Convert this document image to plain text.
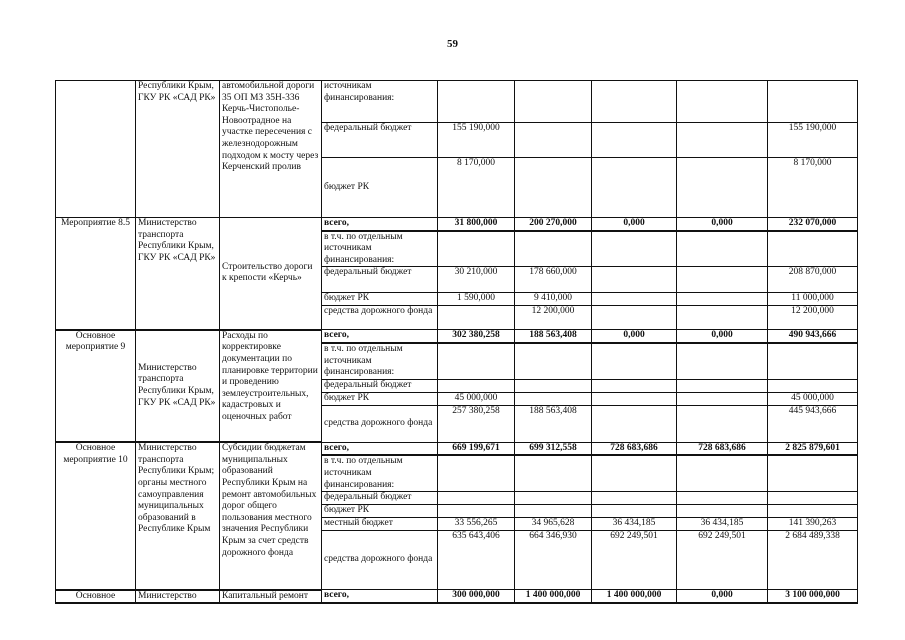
59
	Республики Крым, ГКУ РК «САД РК»	автомобильной дороги 35 ОП МЗ 35Н-336 Керчь-Чистополье-Новоотрадное на участке пересечения с железнодорожным подходом к мосту через Керченский пролив	источникам финансирования:					
			федеральный бюджет	155 190,000				155 190,000
			бюджет РК	8 170,000				8 170,000
Мероприятие 8.5	Министерство транспорта Республики Крым, ГКУ РК «САД РК»	Строительство дороги к крепости «Керчь»	всего,	31 800,000	200 270,000	0,000	0,000	232 070,000
			в т.ч. по отдельным источникам финансирования:					
			федеральный бюджет	30 210,000	178 660,000			208 870,000
			бюджет РК	1 590,000	9 410,000			11 000,000
			средства дорожного фонда		12 200,000			12 200,000
Основное мероприятие 9	Министерство транспорта Республики Крым, ГКУ РК «САД РК»	Расходы по корректировке документации по планировке территории и проведению землеустроительных, кадастровых и оценочных работ	всего,	302 380,258	188 563,408	0,000	0,000	490 943,666
			в т.ч. по отдельным источникам финансирования:					
			федеральный бюджет					
			бюджет РК	45 000,000				45 000,000
			средства дорожного фонда	257 380,258	188 563,408			445 943,666
Основное мероприятие 10	Министерство транспорта Республики Крым; органы местного самоуправления муниципальных образований в Республике Крым	Субсидии бюджетам муниципальных образований Республики Крым на ремонт автомобильных дорог общего пользования местного значения Республики Крым за счет средств дорожного фонда	всего,	669 199,671	699 312,558	728 683,686	728 683,686	2 825 879,601
			в т.ч. по отдельным источникам финансирования:					
			федеральный бюджет					
			бюджет РК					
			местный бюджет	33 556,265	34 965,628	36 434,185	36 434,185	141 390,263
			средства дорожного фонда	635 643,406	664 346,930	692 249,501	692 249,501	2 684 489,338
Основное	Министерство	Капитальный ремонт	всего,	300 000,000	1 400 000,000	1 400 000,000	0,000	3 100 000,000
